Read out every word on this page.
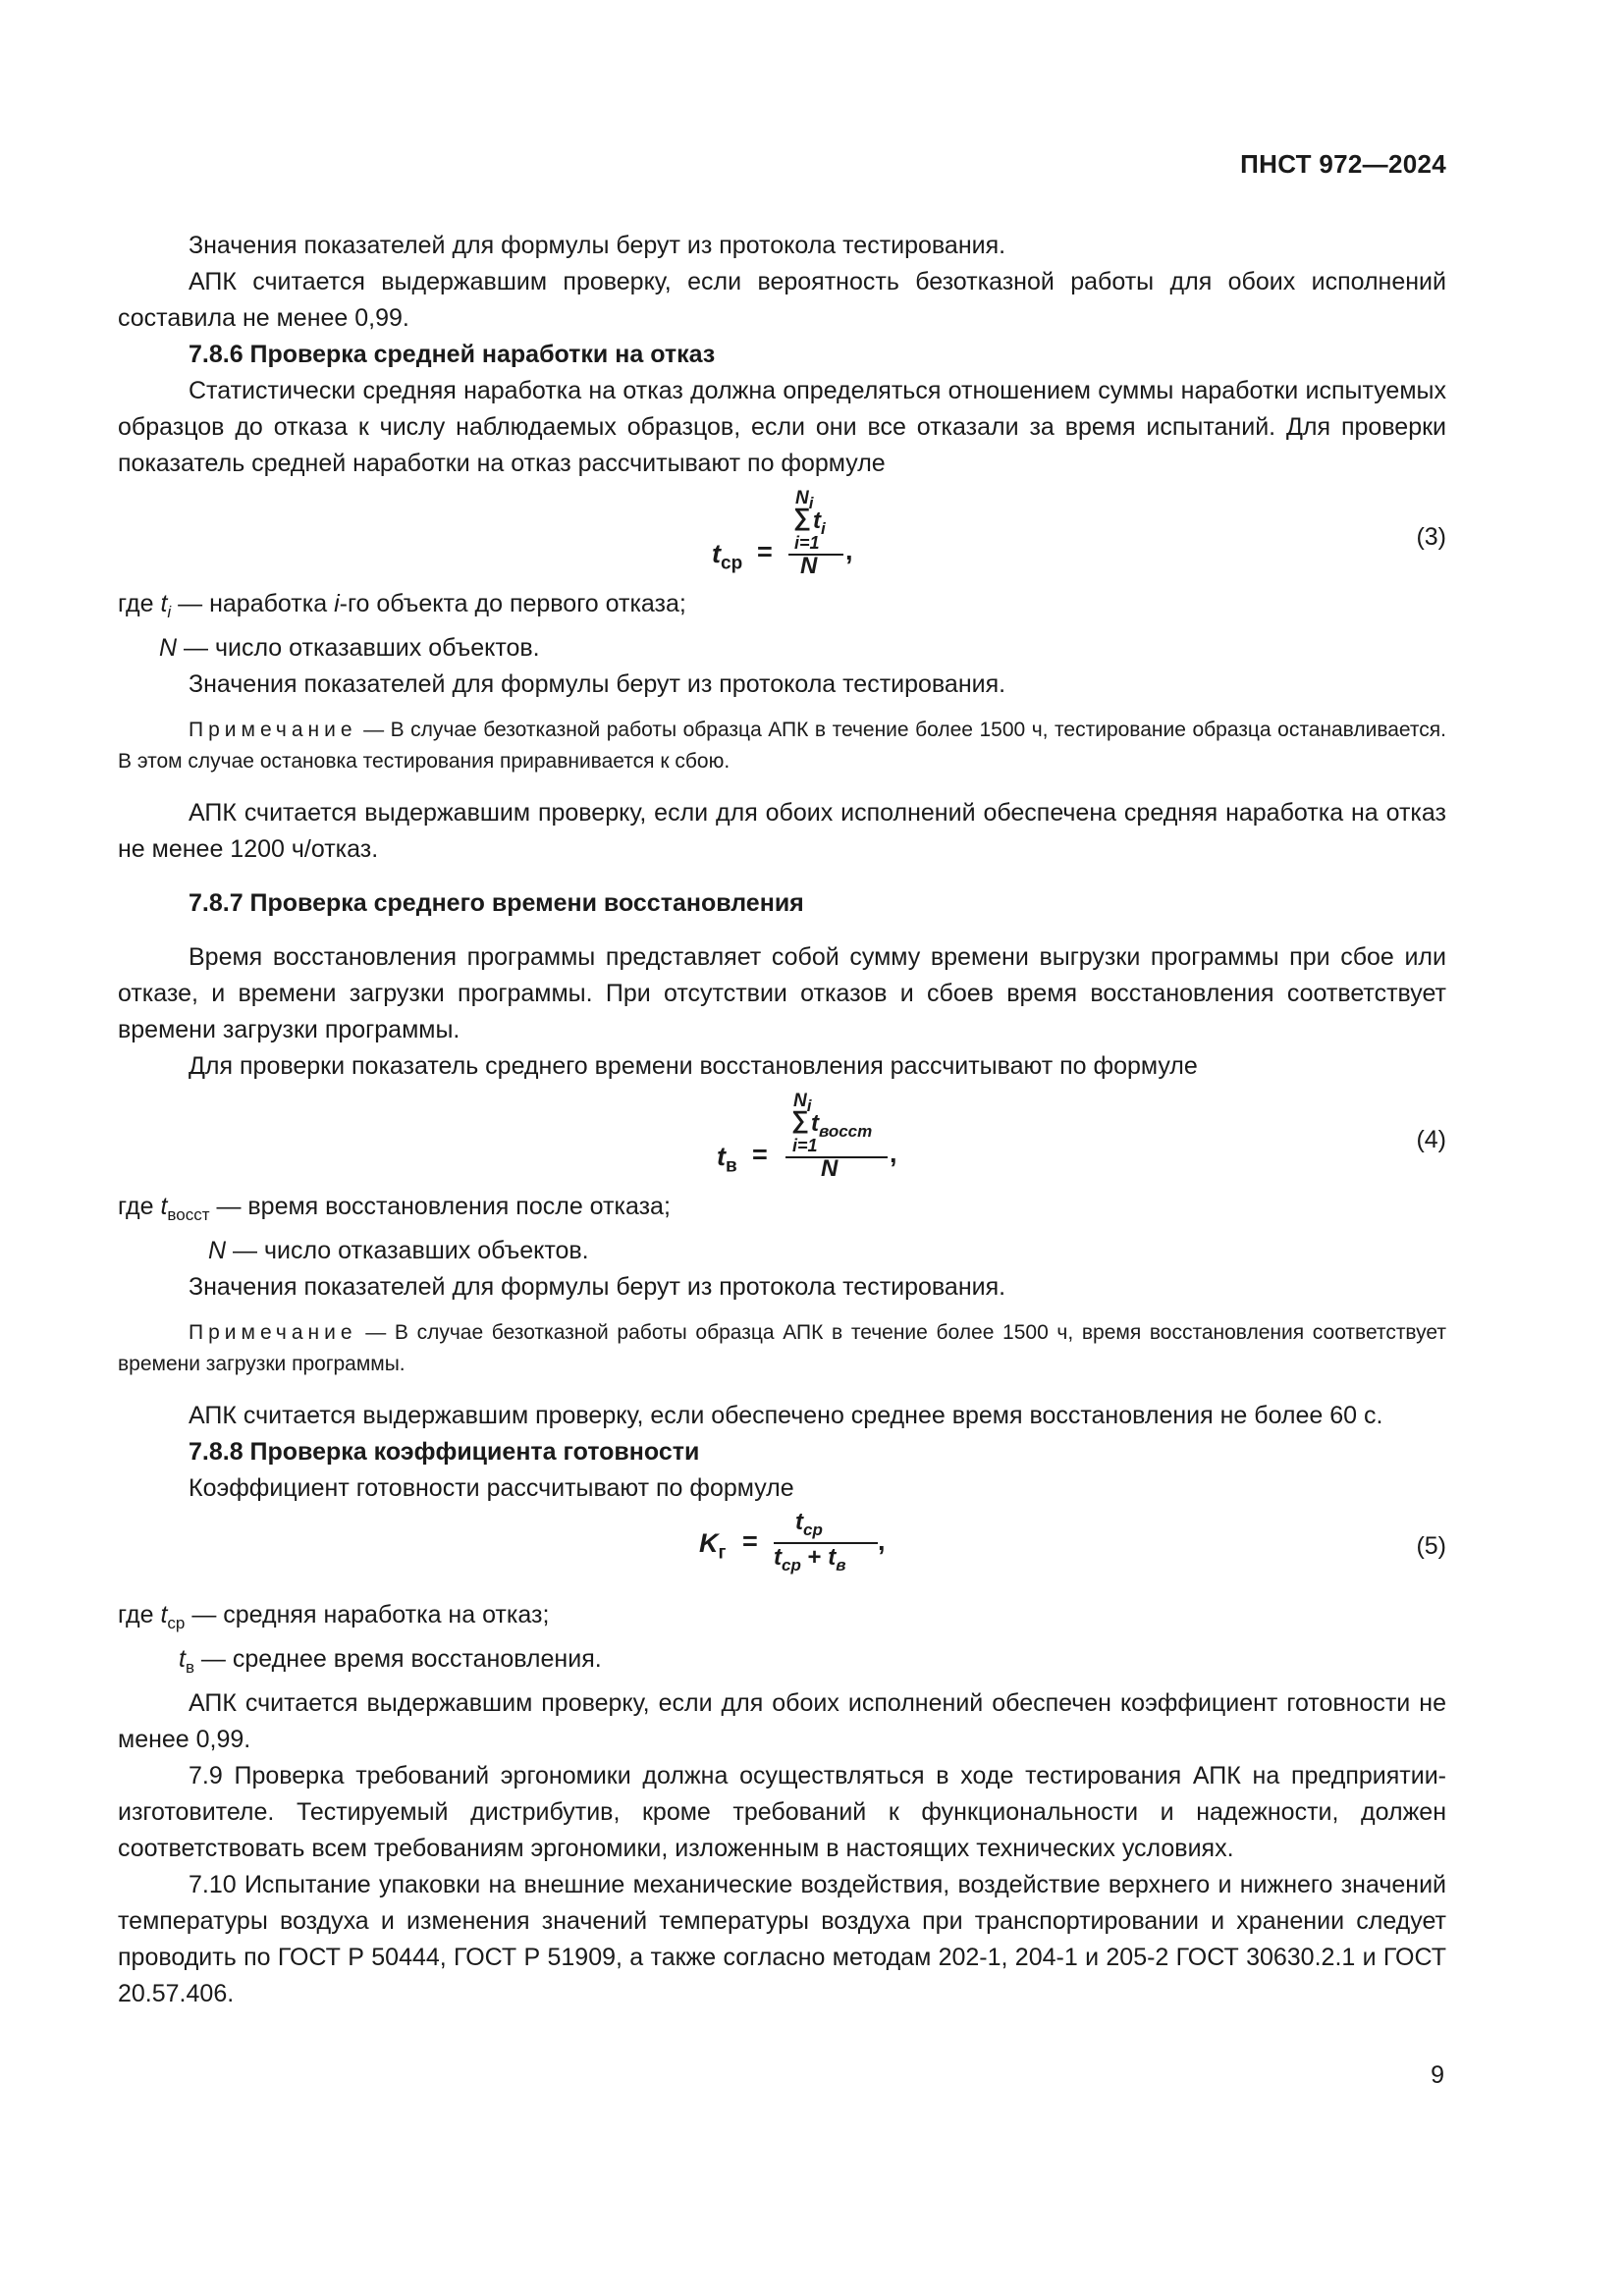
ПНСТ 972—2024

Значения показателей для формулы берут из протокола тестирования.

АПК считается выдержавшим проверку, если вероятность безотказной работы для обоих исполнений составила не менее 0,99.

7.8.6 Проверка средней наработки на отказ

Статистически средняя наработка на отказ должна определяться отношением суммы наработки испытуемых образцов до отказа к числу наблюдаемых образцов, если они все отказали за время испытаний. Для проверки показатель средней наработки на отказ рассчитывают по формуле

$N_i$
∑ $t_i$
i=1
$t_{ср} = N$
,	(3)
где $t_i$ — наработка i-го объекта до первого отказа;
N — число отказавших объектов.

Значения показателей для формулы берут из протокола тестирования.

Примечание — В случае безотказной работы образца АПК в течение более 1500 ч, тестирование образца останавливается. В этом случае остановка тестирования приравнивается к сбою.

АПК считается выдержавшим проверку, если для обоих исполнений обеспечена средняя наработка на отказ не менее 1200 ч/отказ.

7.8.7 Проверка среднего времени восстановления

Время восстановления программы представляет собой сумму времени выгрузки программы при сбое или отказе, и времени загрузки программы. При отсутствии отказов и сбоев время восстановления соответствует времени загрузки программы.

Для проверки показатель среднего времени восстановления рассчитывают по формуле

$N_i$
∑ $t_{восст}$
i=1
$t_в = N$
,	(4)
где $t_{восст}$ — время восстановления после отказа;
N — число отказавших объектов.

Значения показателей для формулы берут из протокола тестирования.

Примечание — В случае безотказной работы образца АПК в течение более 1500 ч, время восстановления соответствует времени загрузки программы.

АПК считается выдержавшим проверку, если обеспечено среднее время восстановления не более 60 с.

7.8.8 Проверка коэффициента готовности

Коэффициент готовности рассчитывают по формуле

$K_г$ =
$t_{ср}$
$t_{ср} + t_в$
,	(5)
где $t_{ср}$ — средняя наработка на отказ;
$t_в$ — среднее время восстановления.

АПК считается выдержавшим проверку, если для обоих исполнений обеспечен коэффициент готовности не менее 0,99.

7.9 Проверка требований эргономики должна осуществляться в ходе тестирования АПК на предприятии-изготовителе. Тестируемый дистрибутив, кроме требований к функциональности и надежности, должен соответствовать всем требованиям эргономики, изложенным в настоящих технических условиях.

7.10 Испытание упаковки на внешние механические воздействия, воздействие верхнего и нижнего значений температуры воздуха и изменения значений температуры воздуха при транспортировании и хранении следует проводить по ГОСТ Р 50444, ГОСТ Р 51909, а также согласно методам 202-1, 204-1 и 205-2 ГОСТ 30630.2.1 и ГОСТ 20.57.406.

9
